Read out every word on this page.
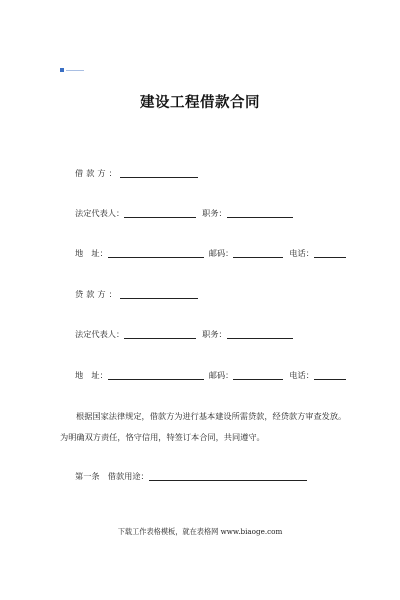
建设工程借款合同
借款方：
法定代表人：	职务：
地　址：	邮码：	电话：
贷款方：
法定代表人：	职务：
地　址：	邮码：	电话：
根据国家法律规定，借款方为进行基本建设所需贷款，经贷款方审查发放。为明确双方责任，恪守信用，特签订本合同，共同遵守。
第一条　借款用途：
下载工作表格模板，就在表格网 www.biaoge.com
